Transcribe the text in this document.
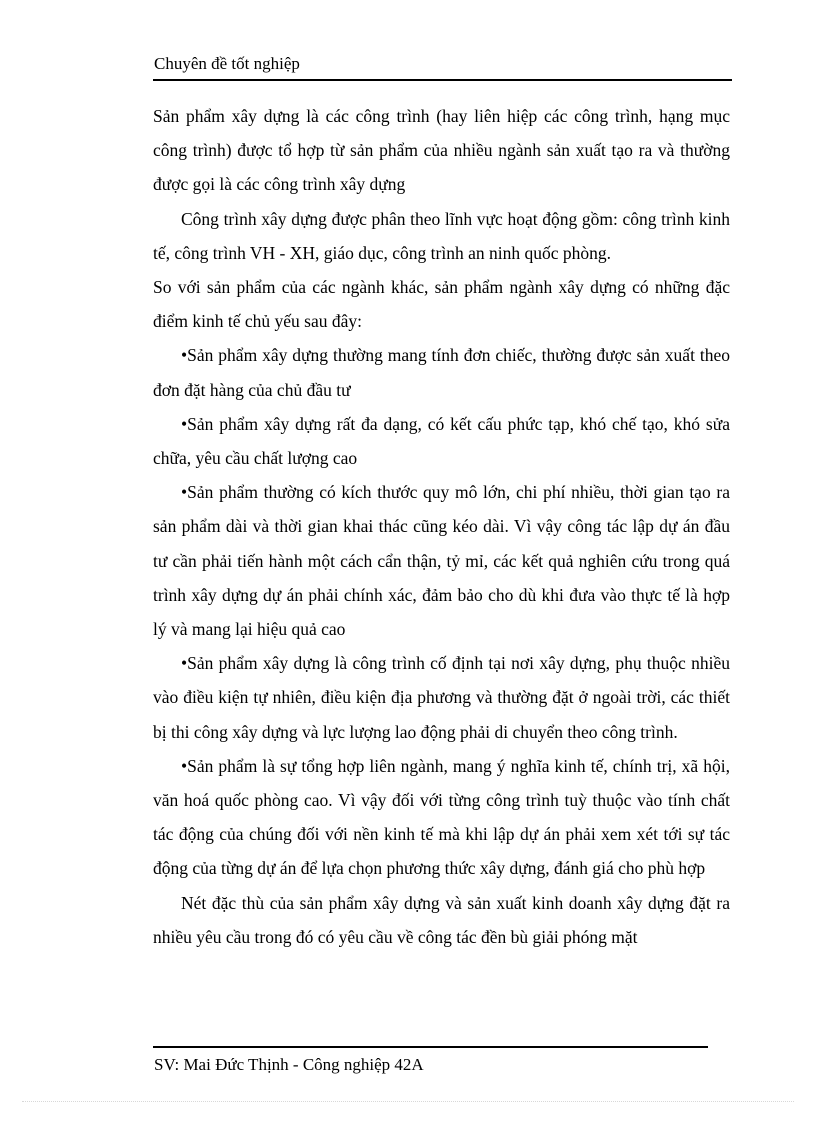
Chuyên đề tốt nghiệp

Sản phẩm xây dựng là các công trình (hay liên hiệp các công trình, hạng mục công trình) được tổ hợp từ sản phẩm của nhiều ngành sản xuất tạo ra và thường được gọi là các công trình xây dựng

Công trình xây dựng được phân theo lĩnh vực hoạt động gồm: công trình kinh tế, công trình VH - XH, giáo dục, công trình an ninh quốc phòng.

So với sản phẩm của các ngành khác, sản phẩm ngành xây dựng có những đặc điểm kinh tế chủ yếu sau đây:

•Sản phẩm xây dựng thường mang tính đơn chiếc, thường được sản xuất theo đơn đặt hàng của chủ đầu tư

•Sản phẩm xây dựng rất đa dạng, có kết cấu phức tạp, khó chế tạo, khó sửa chữa, yêu cầu chất lượng cao

•Sản phẩm thường có kích thước quy mô lớn, chi phí nhiều, thời gian tạo ra sản phẩm dài và thời gian khai thác cũng kéo dài. Vì vậy công tác lập dự án đầu tư cần phải tiến hành một cách cẩn thận, tỷ mỉ, các kết quả nghiên cứu trong quá trình xây dựng dự án phải chính xác, đảm bảo cho dù khi đưa vào thực tế là hợp lý và mang lại hiệu quả cao

•Sản phẩm xây dựng là công trình cố định tại nơi xây dựng, phụ thuộc nhiều vào điều kiện tự nhiên, điều kiện địa phương và thường đặt ở ngoài trời, các thiết bị thi công xây dựng và lực lượng lao động phải di chuyển theo công trình.

•Sản phẩm là sự tổng hợp liên ngành, mang ý nghĩa kinh tế, chính trị, xã hội, văn hoá quốc phòng cao. Vì vậy đối với từng công trình tuỳ thuộc vào tính chất tác động của chúng đối với nền kinh tế mà khi lập dự án phải xem xét tới sự tác động của từng dự án để lựa chọn phương thức xây dựng, đánh giá cho phù hợp

Nét đặc thù của sản phẩm xây dựng và sản xuất kinh doanh xây dựng đặt ra nhiều yêu cầu trong đó có yêu cầu về công tác đền bù giải phóng mặt

SV: Mai Đức Thịnh - Công nghiệp 42A
